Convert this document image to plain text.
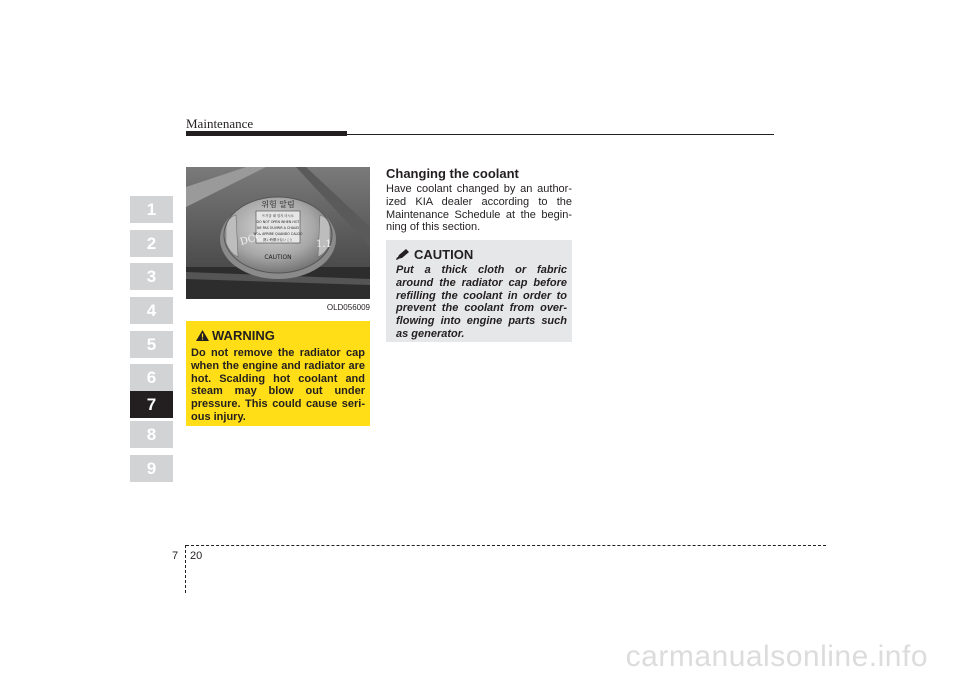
Maintenance
1
2
3
4
5
6
7
8
9
위험 알림
뜨거울 때 열지 마시오
DO NOT OPEN WHEN HOT
NE PAS OUVRIR A CHAUD
NON APRIRE QUANDO CALDO
熱い時開けないこと
DCC	1.1
CAUTION
OLD056009
WARNING
Do not remove the radiator cap when the engine and radiator are hot. Scalding hot coolant and steam may blow out under pressure. This could cause seri-ous injury.
Changing the coolant
Have coolant changed by an author-ized KIA dealer according to the Maintenance Schedule at the begin-ning of this section.
CAUTION
Put a thick cloth or fabric around the radiator cap before refilling the coolant in order to prevent the coolant from over-flowing into engine parts such as generator.
7 20
carmanualsonline.info
